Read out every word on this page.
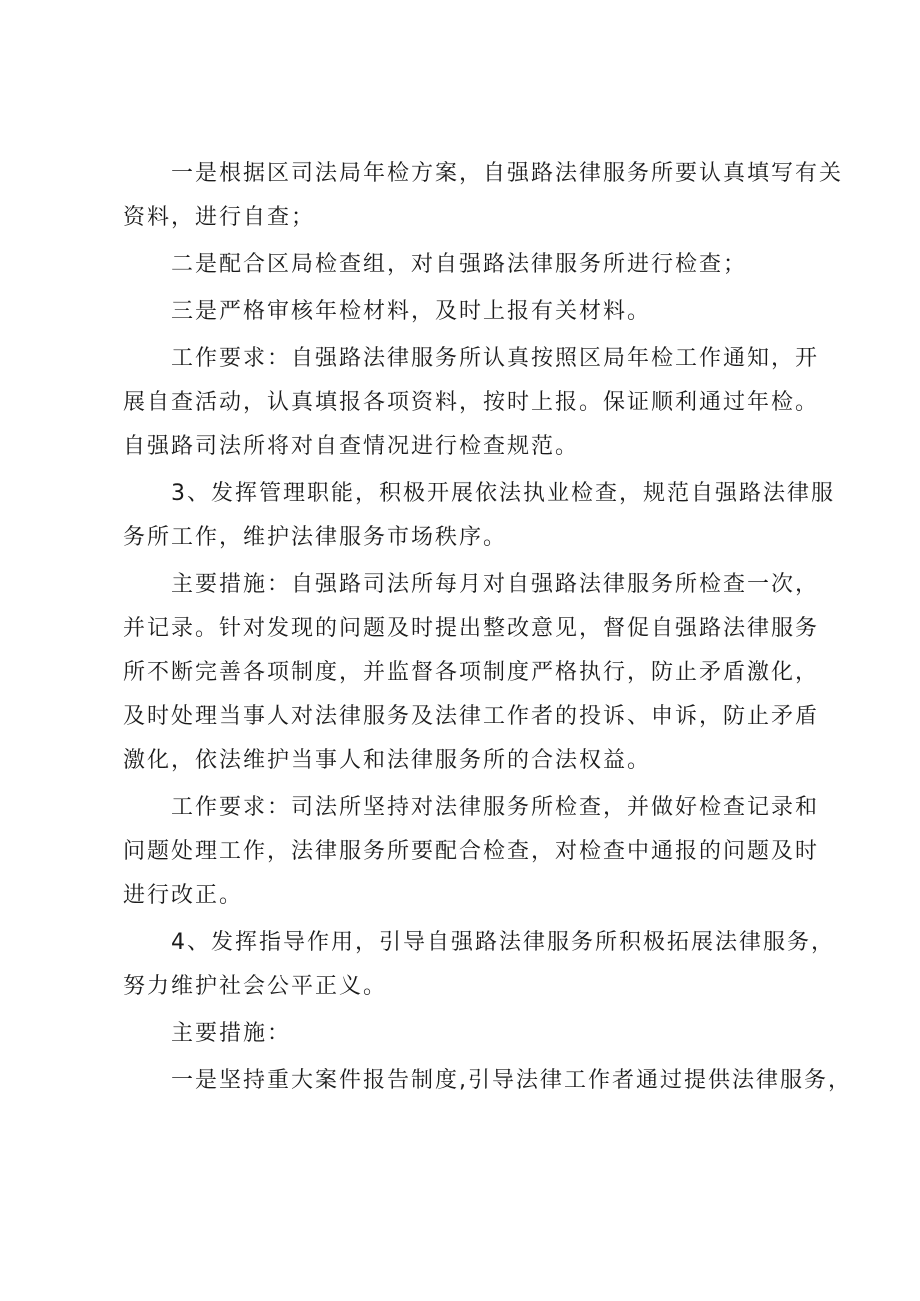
一是根据区司法局年检方案，自强路法律服务所要认真填写有关
资料，进行自查；
二是配合区局检查组，对自强路法律服务所进行检查；
三是严格审核年检材料，及时上报有关材料。
工作要求：自强路法律服务所认真按照区局年检工作通知，开
展自查活动，认真填报各项资料，按时上报。保证顺利通过年检。
自强路司法所将对自查情况进行检查规范。
3、发挥管理职能，积极开展依法执业检查，规范自强路法律服
务所工作，维护法律服务市场秩序。
主要措施：自强路司法所每月对自强路法律服务所检查一次，
并记录。针对发现的问题及时提出整改意见，督促自强路法律服务
所不断完善各项制度，并监督各项制度严格执行，防止矛盾激化，
及时处理当事人对法律服务及法律工作者的投诉、申诉，防止矛盾
激化，依法维护当事人和法律服务所的合法权益。
工作要求：司法所坚持对法律服务所检查，并做好检查记录和
问题处理工作，法律服务所要配合检查，对检查中通报的问题及时
进行改正。
4、发挥指导作用，引导自强路法律服务所积极拓展法律服务，
努力维护社会公平正义。
主要措施：
一是坚持重大案件报告制度,引导法律工作者通过提供法律服务，
